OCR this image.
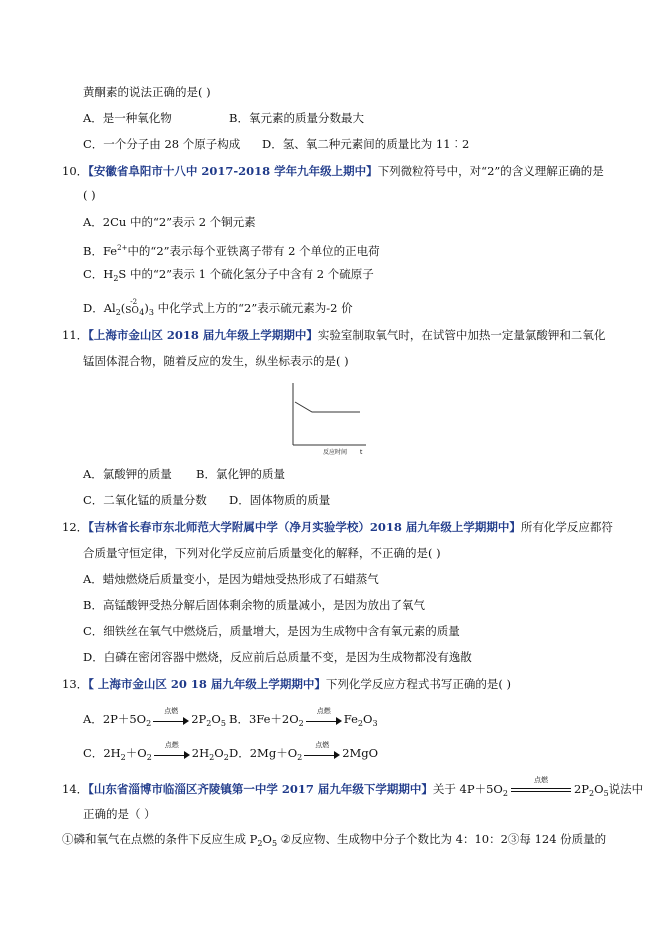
黄酮素的说法正确的是( )
A．是一种氧化物	B．氧元素的质量分数最大
C．一个分子由 28 个原子构成 D．氢、氧二种元素间的质量比为 11︰2
10．【安徽省阜阳市十八中 2017-2018 学年九年级上期中】下列微粒符号中，对“2”的含义理解正确的是
( )
A．2Cu 中的“2”表示 2 个铜元素
B．$Fe^{2+}$中的“2”表示每个亚铁离子带有 2 个单位的正电荷
C．$H_2S$ 中的“2”表示 1 个硫化氢分子中含有 2 个硫原子
D．$Al_2$( -2
SO $_4)_3$ 中化学式上方的“2”表示硫元素为-2 价
11．【上海市金山区 2018 届九年级上学期期中】实验室制取氧气时，在试管中加热一定量氯酸钾和二氧化
锰固体混合物，随着反应的发生，纵坐标表示的是( )
反应时间 t
A．氯酸钾的质量 B．氯化钾的质量
C．二氧化锰的质量分数 D．固体物质的质量
12．【吉林省长春市东北师范大学附属中学（净月实验学校）2018 届九年级上学期期中】所有化学反应都符
合质量守恒定律，下列对化学反应前后质量变化的解释，不正确的是( )
A．蜡烛燃烧后质量变小，是因为蜡烛受热形成了石蜡蒸气
B．高锰酸钾受热分解后固体剩余物的质量减小，是因为放出了氧气
C．细铁丝在氧气中燃烧后，质量增大，是因为生成物中含有氧元素的质量
D．白磷在密闭容器中燃烧，反应前后总质量不变，是因为生成物都没有逸散
13．【 上海市金山区 20 18 届九年级上学期期中】下列化学反应方程式书写正确的是( )
A．$2P+5O_2$
点燃
$2P_2O_5$ B．$3Fe+2O_2$
点燃
$Fe_2O_3$
C．$2H_2+O_2$
点燃
$2H_2O_2$ D．$2Mg+O_2$
点燃
2MgO
14．【山东省淄博市临淄区齐陵镇第一中学 2017 届九年级下学期期中】关于 $4P+5O_2$
点燃
$2P_2O_5$说法中
正确的是（ ）
①磷和氧气在点燃的条件下反应生成 $P_2O_5$ ②反应物、生成物中分子个数比为 4：10：2③每 124 份质量的
